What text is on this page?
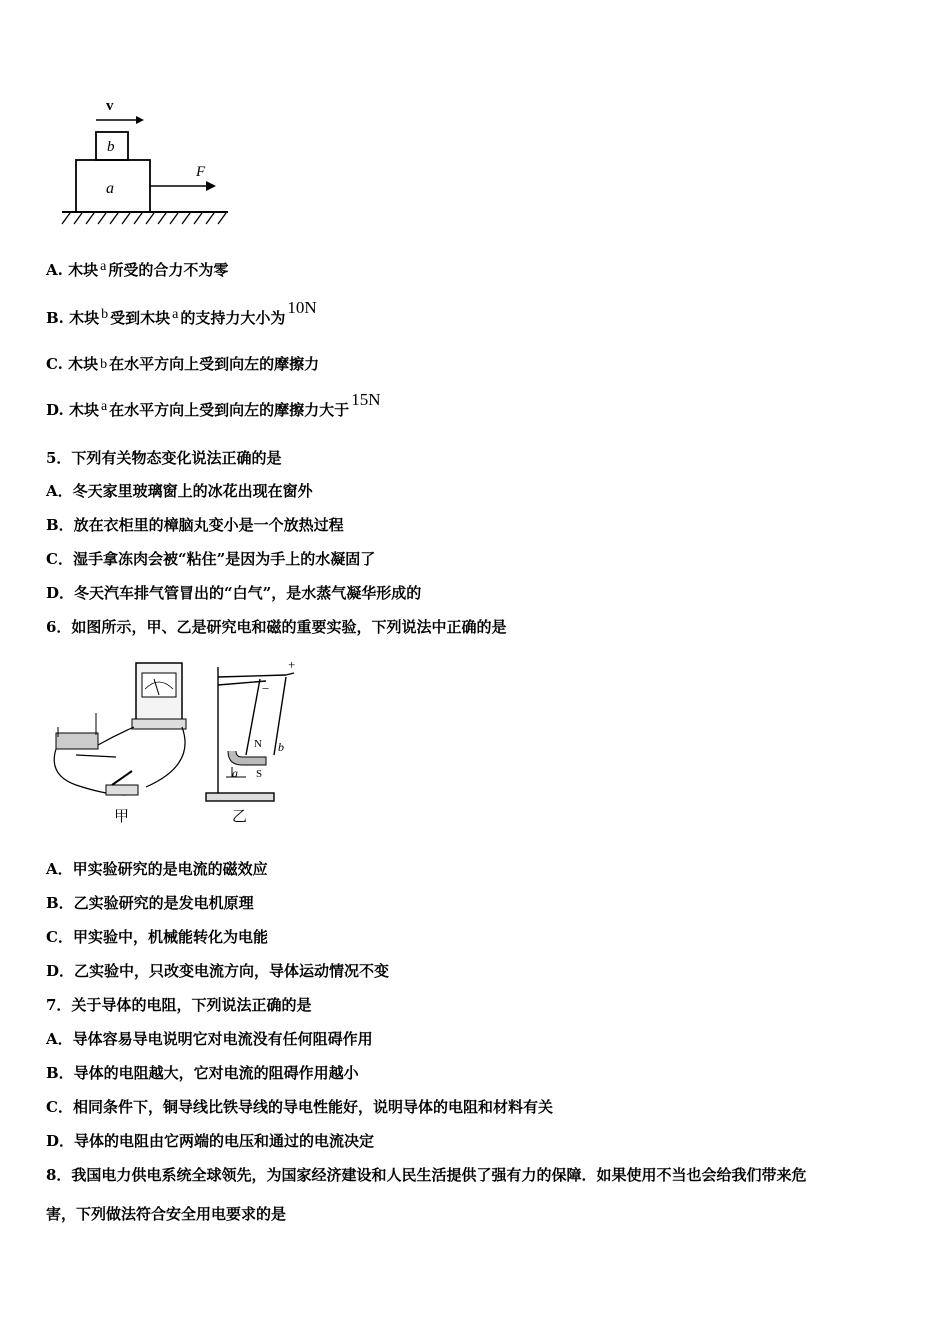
v
b
a
F
A. 木块 a 所受的合力不为零
B. 木块 b 受到木块 a 的支持力大小为10N
C. 木块 b 在水平方向上受到向左的摩擦力
D. 木块 a 在水平方向上受到向左的摩擦力大于15N
5．下列有关物态变化说法正确的是
A．冬天家里玻璃窗上的冰花出现在窗外
B．放在衣柜里的樟脑丸变小是一个放热过程
C．湿手拿冻肉会被“粘住”是因为手上的水凝固了
D．冬天汽车排气管冒出的“白气”，是水蒸气凝华形成的
6．如图所示，甲、乙是研究电和磁的重要实验，下列说法中正确的是
甲
+
−
N
S
a
b
乙
A．甲实验研究的是电流的磁效应
B．乙实验研究的是发电机原理
C．甲实验中，机械能转化为电能
D．乙实验中，只改变电流方向，导体运动情况不变
7．关于导体的电阻，下列说法正确的是
A．导体容易导电说明它对电流没有任何阻碍作用
B．导体的电阻越大，它对电流的阻碍作用越小
C．相同条件下，铜导线比铁导线的导电性能好，说明导体的电阻和材料有关
D．导体的电阻由它两端的电压和通过的电流决定
8．我国电力供电系统全球领先，为国家经济建设和人民生活提供了强有力的保障．如果使用不当也会给我们带来危
害，下列做法符合安全用电要求的是
